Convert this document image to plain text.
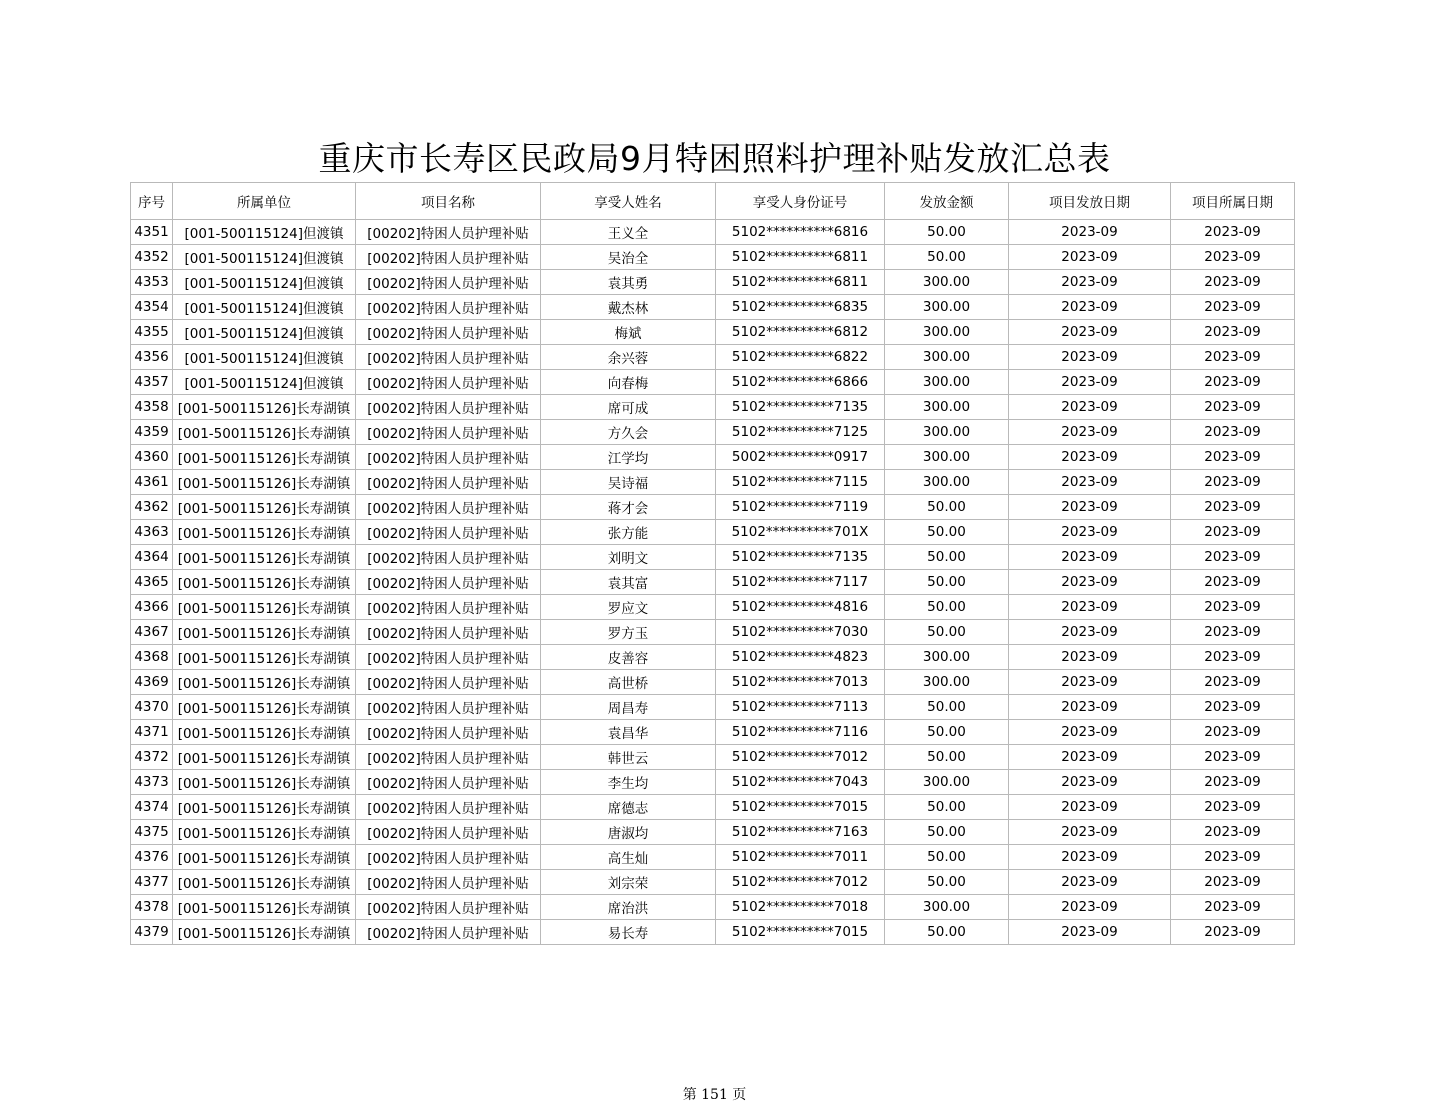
重庆市长寿区民政局9月特困照料护理补贴发放汇总表
序号	所属单位	项目名称	享受人姓名	享受人身份证号	发放金额	项目发放日期	项目所属日期
4351	[001-500115124]但渡镇	[00202]特困人员护理补贴	王义全	5102**********6816	50.00	2023-09	2023-09
4352	[001-500115124]但渡镇	[00202]特困人员护理补贴	吴治全	5102**********6811	50.00	2023-09	2023-09
4353	[001-500115124]但渡镇	[00202]特困人员护理补贴	袁其勇	5102**********6811	300.00	2023-09	2023-09
4354	[001-500115124]但渡镇	[00202]特困人员护理补贴	戴杰林	5102**********6835	300.00	2023-09	2023-09
4355	[001-500115124]但渡镇	[00202]特困人员护理补贴	梅斌	5102**********6812	300.00	2023-09	2023-09
4356	[001-500115124]但渡镇	[00202]特困人员护理补贴	余兴蓉	5102**********6822	300.00	2023-09	2023-09
4357	[001-500115124]但渡镇	[00202]特困人员护理补贴	向春梅	5102**********6866	300.00	2023-09	2023-09
4358	[001-500115126]长寿湖镇	[00202]特困人员护理补贴	席可成	5102**********7135	300.00	2023-09	2023-09
4359	[001-500115126]长寿湖镇	[00202]特困人员护理补贴	方久会	5102**********7125	300.00	2023-09	2023-09
4360	[001-500115126]长寿湖镇	[00202]特困人员护理补贴	江学均	5002**********0917	300.00	2023-09	2023-09
4361	[001-500115126]长寿湖镇	[00202]特困人员护理补贴	吴诗福	5102**********7115	300.00	2023-09	2023-09
4362	[001-500115126]长寿湖镇	[00202]特困人员护理补贴	蒋才会	5102**********7119	50.00	2023-09	2023-09
4363	[001-500115126]长寿湖镇	[00202]特困人员护理补贴	张方能	5102**********701X	50.00	2023-09	2023-09
4364	[001-500115126]长寿湖镇	[00202]特困人员护理补贴	刘明文	5102**********7135	50.00	2023-09	2023-09
4365	[001-500115126]长寿湖镇	[00202]特困人员护理补贴	袁其富	5102**********7117	50.00	2023-09	2023-09
4366	[001-500115126]长寿湖镇	[00202]特困人员护理补贴	罗应文	5102**********4816	50.00	2023-09	2023-09
4367	[001-500115126]长寿湖镇	[00202]特困人员护理补贴	罗方玉	5102**********7030	50.00	2023-09	2023-09
4368	[001-500115126]长寿湖镇	[00202]特困人员护理补贴	皮善容	5102**********4823	300.00	2023-09	2023-09
4369	[001-500115126]长寿湖镇	[00202]特困人员护理补贴	高世桥	5102**********7013	300.00	2023-09	2023-09
4370	[001-500115126]长寿湖镇	[00202]特困人员护理补贴	周昌寿	5102**********7113	50.00	2023-09	2023-09
4371	[001-500115126]长寿湖镇	[00202]特困人员护理补贴	袁昌华	5102**********7116	50.00	2023-09	2023-09
4372	[001-500115126]长寿湖镇	[00202]特困人员护理补贴	韩世云	5102**********7012	50.00	2023-09	2023-09
4373	[001-500115126]长寿湖镇	[00202]特困人员护理补贴	李生均	5102**********7043	300.00	2023-09	2023-09
4374	[001-500115126]长寿湖镇	[00202]特困人员护理补贴	席德志	5102**********7015	50.00	2023-09	2023-09
4375	[001-500115126]长寿湖镇	[00202]特困人员护理补贴	唐淑均	5102**********7163	50.00	2023-09	2023-09
4376	[001-500115126]长寿湖镇	[00202]特困人员护理补贴	高生灿	5102**********7011	50.00	2023-09	2023-09
4377	[001-500115126]长寿湖镇	[00202]特困人员护理补贴	刘宗荣	5102**********7012	50.00	2023-09	2023-09
4378	[001-500115126]长寿湖镇	[00202]特困人员护理补贴	席治洪	5102**********7018	300.00	2023-09	2023-09
4379	[001-500115126]长寿湖镇	[00202]特困人员护理补贴	易长寿	5102**********7015	50.00	2023-09	2023-09
第 151 页
